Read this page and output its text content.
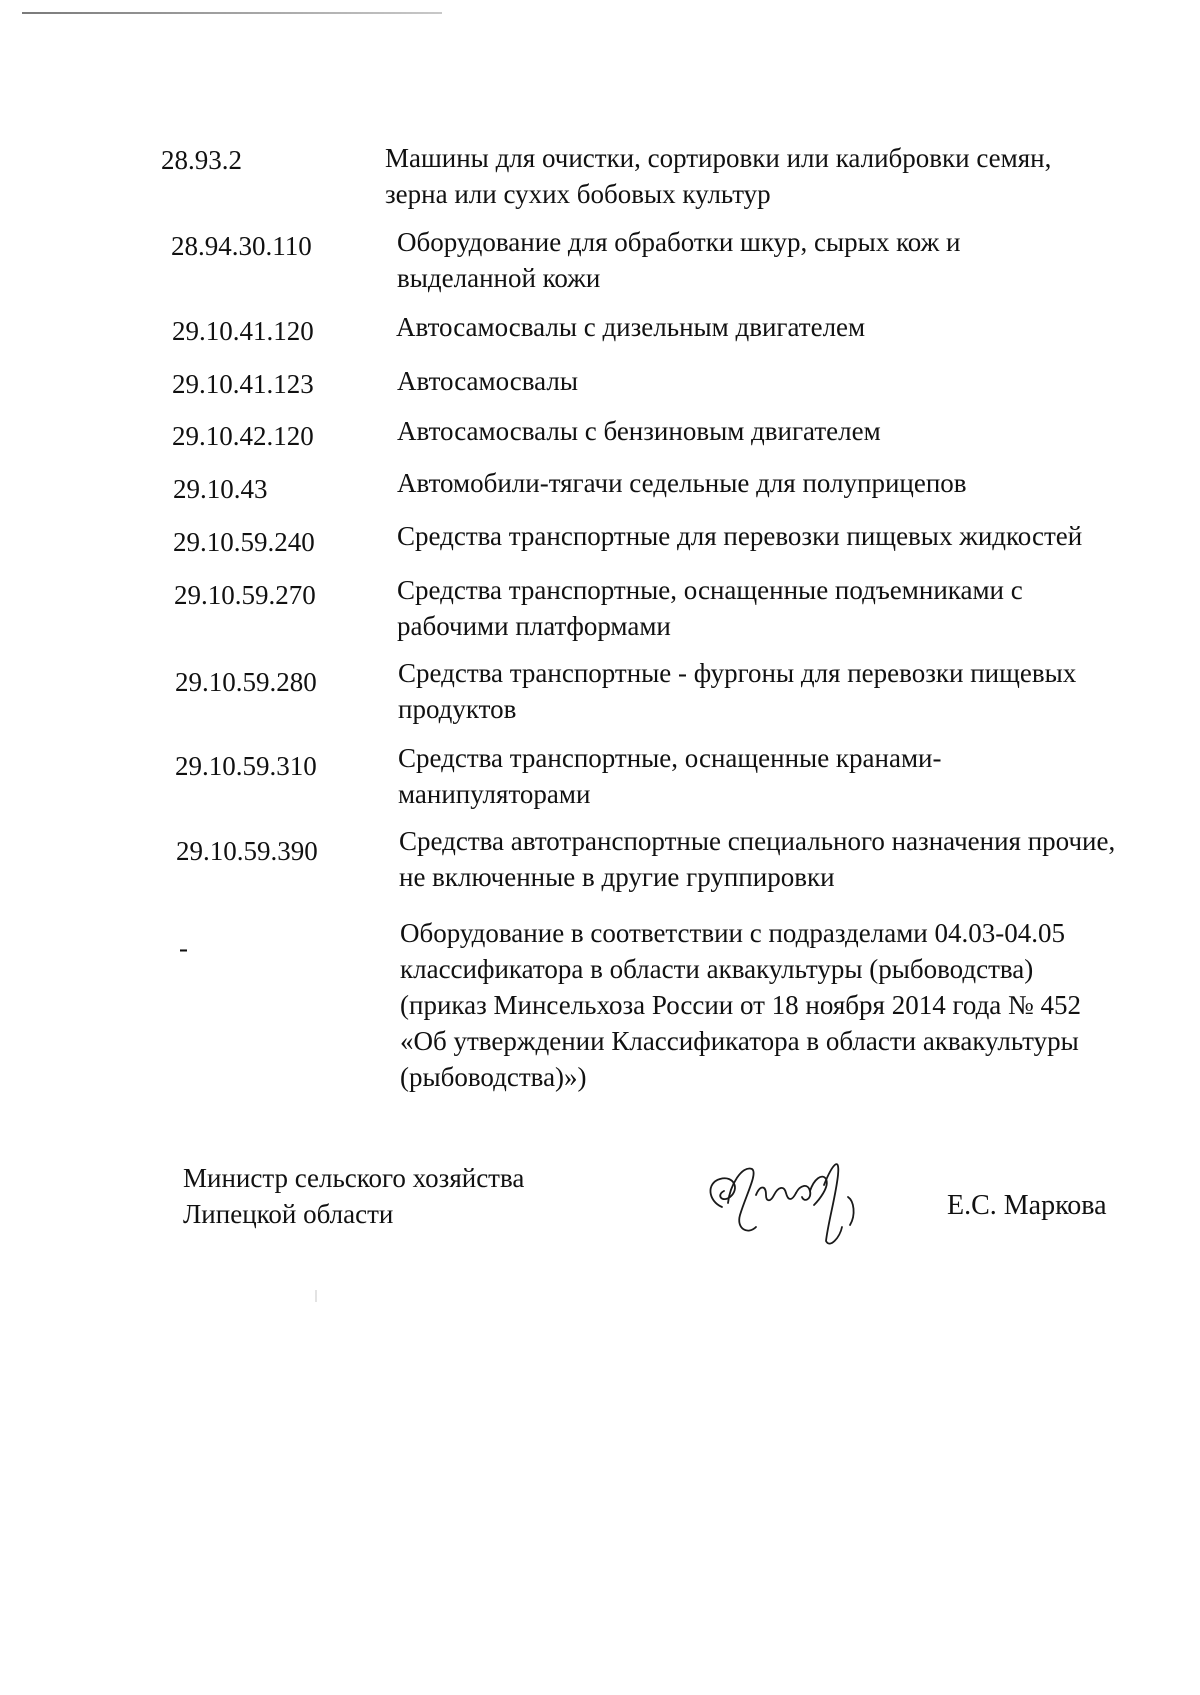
28.93.2	Машины для очистки, сортировки или калибровки семян,
зерна или сухих бобовых культур
28.94.30.110	Оборудование для обработки шкур, сырых кож и
выделанной кожи
29.10.41.120	Автосамосвалы с дизельным двигателем
29.10.41.123	Автосамосвалы
29.10.42.120	Автосамосвалы с бензиновым двигателем
29.10.43	Автомобили-тягачи седельные для полуприцепов
29.10.59.240	Средства транспортные для перевозки пищевых жидкостей
29.10.59.270	Средства транспортные, оснащенные подъемниками с
рабочими платформами
29.10.59.280	Средства транспортные - фургоны для перевозки пищевых
продуктов
29.10.59.310	Средства транспортные, оснащенные кранами-
манипуляторами
29.10.59.390	Средства автотранспортные специального назначения прочие,
не включенные в другие группировки
-	Оборудование в соответствии с подразделами 04.03-04.05
классификатора в области аквакультуры (рыбоводства)
(приказ Минсельхоза России от 18 ноября 2014 года № 452
«Об утверждении Классификатора в области аквакультуры
(рыбоводства)»)
Министр сельского хозяйства
Липецкой области	Е.С. Маркова
